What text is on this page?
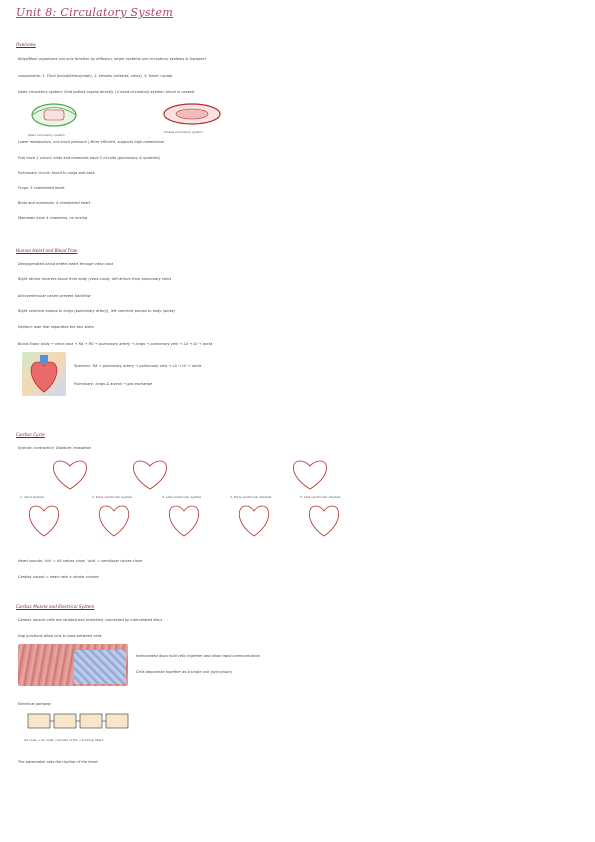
Unit 8: Circulatory System
Overview
Whys/Multi organisms can only function by diffusion, larger systems use circulatory systems & transport
components: 1. Fluid (blood/hemolymph), 2. Vessels (arteries, veins), 3. Heart / pump
Open circulatory system: fluid bathes organs directly | Closed circulatory system: blood in vessels
Open circulatory system
Closed circulatory system
Lower metabolism, not much pressure | More efficient, supports high metabolism
Fish have 1 circuit; birds and mammals have 2 circuits (pulmonary & systemic)
Pulmonary circuit: blood to lungs and back
Frogs: 3 chambered heart
Birds and mammals: 4 chambered heart
Mammals have 4 chambers, no mixing
Human Heart and Blood Flow
Deoxygenated blood enters heart through vena cava
Right atrium receives blood from body (vena cava); left atrium from pulmonary veins
Atrioventricular valves prevent backflow
Right ventricle pumps to lungs (pulmonary artery), left ventricle pumps to body (aorta)
Septum: wall that separates the two sides
Blood flows: body → vena cava → RA → RV → pulmonary artery → lungs → pulmonary vein → LA → LV → aorta
Systemic: RA → pulmonary artery → pulmonary vein → LA → LV → aorta
Pulmonary: lungs & alveoli → gas exchange
Cardiac Cycle
Systole: contraction, Diastole: relaxation
1. Atrial Systole	2. Early ventricular systole	3. Late ventricular systole	4. Early ventricular diastole	5. Late ventricular diastole
Heart sounds: 'lub' = AV valves close, 'dub' = semilunar valves close
Cardiac output = heart rate × stroke volume
Cardiac Muscle and Electrical System
Cardiac muscle cells are striated and branched, connected by intercalated discs
Gap junctions allow ions to pass between cells
Intercalated discs hold cells together and allow rapid communication
Cells depolarize together as a single unit (syncytium)
Electrical pathway
SA node → AV node → bundle of His → Purkinje fibers
The pacemaker sets the rhythm of the heart
